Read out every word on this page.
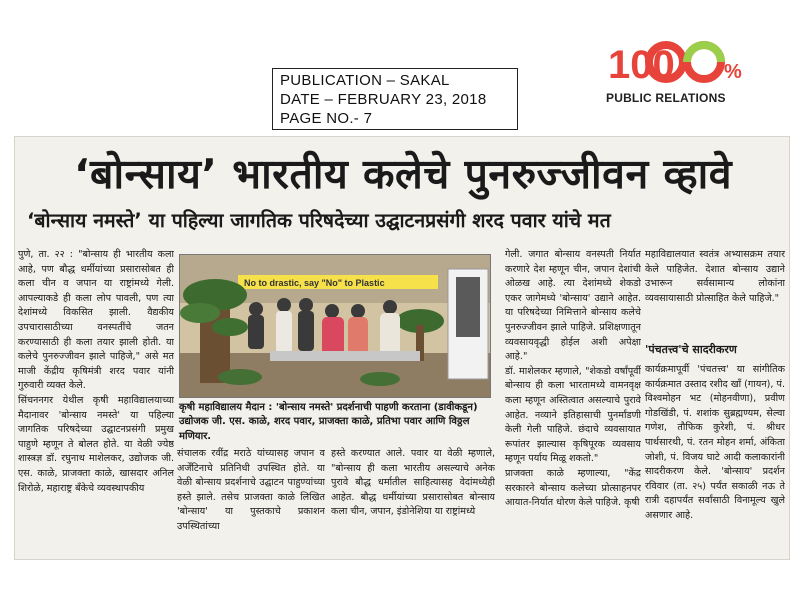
PUBLICATION – SAKAL
DATE – FEBRUARY 23, 2018
PAGE NO.- 7
100 %
PUBLIC RELATIONS
‘बोन्साय’ भारतीय कलेचे पुनरुज्जीवन व्हावे
‘बोन्साय नमस्ते’ या पहिल्या जागतिक परिषदेच्या उद्घाटनप्रसंगी शरद पवार यांचे मत
पुणे, ता. २२ : "बोन्साय ही भारतीय कला आहे, पण बौद्ध धर्मीयांच्या प्रसारासोबत ही कला चीन व जपान या राष्ट्रांमध्ये गेली. आपल्याकडे ही कला लोप पावली, पण त्या देशांमध्ये विकसित झाली. वैद्यकीय उपचारासाठीच्या वनस्पतींचे जतन करण्यासाठी ही कला तयार झाली होती. या कलेचे पुनरुज्जीवन झाले पाहिजे," असे मत माजी केंद्रीय कृषिमंत्री शरद पवार यांनी गुरुवारी व्यक्त केले.
सिंचननगर येथील कृषी महाविद्यालयाच्या मैदानावर 'बोन्साय नमस्ते' या पहिल्या जागतिक परिषदेच्या उद्घाटनप्रसंगी प्रमुख पाहुणे म्हणून ते बोलत होते. या वेळी ज्येष्ठ शास्त्रज्ञ डॉ. रघुनाथ माशेलकर, उद्योजक जी. एस. काळे, प्राजक्ता काळे, खासदार अनिल शिरोळे, महाराष्ट्र बँकेचे व्यवस्थापकीय
No to drastic, say "No" to Plastic
कृषी महाविद्यालय मैदान : 'बोन्साय नमस्ते' प्रदर्शनाची पाहणी करताना (डावीकडून) उद्योजक जी. एस. काळे, शरद पवार, प्राजक्ता काळे, प्रतिभा पवार आणि विठ्ठल मणियार.
संचालक रवींद्र मराठे यांच्यासह जपान व अर्जेंटिनाचे प्रतिनिधी उपस्थित होते. या वेळी बोन्साय प्रदर्शनाचे उद्घाटन पाहुण्यांच्या हस्ते झाले. तसेच प्राजक्ता काळे लिखित 'बोन्साय' या पुस्तकाचे प्रकाशन उपस्थितांच्या
हस्ते करण्यात आले. पवार या वेळी म्हणाले, "बोन्साय ही कला भारतीय असल्याचे अनेक पुरावे बौद्ध धर्मातील साहित्यासह वेदांमध्येही आहेत. बौद्ध धर्मीयांच्या प्रसारासोबत बोन्साय कला चीन, जपान, इंडोनेशिया या राष्ट्रांमध्ये
गेली. जगात बोन्साय वनस्पती निर्यात करणारे देश म्हणून चीन, जपान देशांची ओळख आहे. त्या देशांमध्ये शेकडो एकर जागेमध्ये 'बोन्साय' उद्याने आहेत. या परिषदेच्या निमित्ताने बोन्साय कलेचे पुनरुज्जीवन झाले पाहिजे. प्रशिक्षणातून व्यवसायवृद्धी होईल अशी अपेक्षा आहे."
डॉ. माशेलकर म्हणाले, "शेकडो वर्षांपूर्वी बोन्साय ही कला भारतामध्ये वामनवृक्ष कला म्हणून अस्तित्वात असल्याचे पुरावे आहेत. नव्याने इतिहासाची पुनर्मांडणी केली गेली पाहिजे. छंदाचे व्यवसायात रूपांतर झाल्यास कृषिपूरक व्यवसाय म्हणून पर्याय मिळू शकतो."
प्राजक्ता काळे म्हणाल्या, "केंद्र सरकारने बोन्साय कलेच्या प्रोत्साहनपर आयात-निर्यात धोरण केले पाहिजे. कृषी
महाविद्यालयात स्वतंत्र अभ्यासक्रम तयार केले पाहिजेत. देशात बोन्साय उद्याने उभारून सर्वसामान्य लोकांना व्यवसायासाठी प्रोत्साहित केले पाहिजे."
'पंचतत्त्व'चे सादरीकरण
कार्यक्रमापूर्वी 'पंचतत्त्व' या सांगीतिक कार्यक्रमात उस्ताद रशीद खाँ (गायन), पं. विश्वमोहन भट (मोहनवीणा), प्रवीण गोडखिंडी, पं. शशांक सुब्रह्मण्यम, सेल्वा गणेश, तौफिक कुरेशी, पं. श्रीधर पार्थसारथी, पं. रतन मोहन शर्मा, अंकिता जोशी, पं. विजय घाटे आदी कलाकारांनी सादरीकरण केले. 'बोन्साय' प्रदर्शन रविवार (ता. २५) पर्यंत सकाळी नऊ ते रात्री दहापर्यंत सर्वांसाठी विनामूल्य खुले असणार आहे.
